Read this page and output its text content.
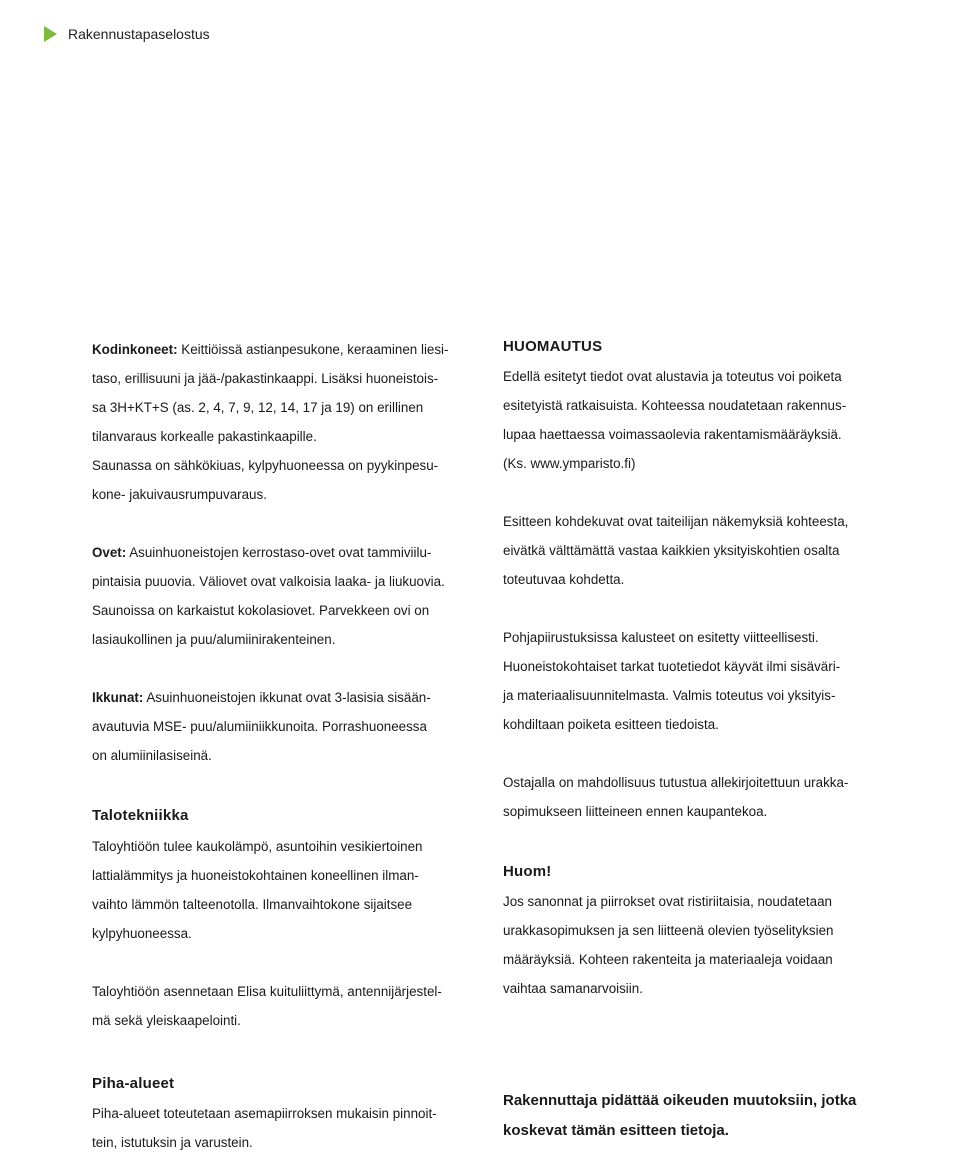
Rakennustapaselostus

Kodinkoneet: Keittiöissä astianpesukone, keraaminen liesi-
taso, erillisuuni ja jää-/pakastinkaappi. Lisäksi huoneistois-
sa 3H+KT+S (as. 2, 4, 7, 9, 12, 14, 17 ja 19) on erillinen
tilanvaraus korkealle pakastinkaapille.
Saunassa on sähkökiuas, kylpyhuoneessa on pyykinpesu-
kone- jakuivausrumpuvaraus.

Ovet: Asuinhuoneistojen kerrostaso-ovet ovat tammiviilu-
pintaisia puuovia. Väliovet ovat valkoisia laaka- ja liukuovia.
Saunoissa on karkaistut kokolasiovet. Parvekkeen ovi on
lasiaukollinen ja puu/alumiinirakenteinen.

Ikkunat: Asuinhuoneistojen ikkunat ovat 3-lasisia sisään-
avautuvia MSE- puu/alumiiniikkunoita. Porrashuoneessa
on alumiinilasiseinä.

Talotekniikka

Taloyhtiöön tulee kaukolämpö, asuntoihin vesikiertoinen
lattialämmitys ja huoneistokohtainen koneellinen ilman-
vaihto lämmön talteenotolla. Ilmanvaihtokone sijaitsee
kylpyhuoneessa.

Taloyhtiöön asennetaan Elisa kuituliittymä, antennijärjestel-
mä sekä yleiskaapelointi.

Piha-alueet

Piha-alueet toteutetaan asemapiirroksen mukaisin pinnoit-
tein, istutuksin ja varustein.

HUOMAUTUS

Edellä esitetyt tiedot ovat alustavia ja toteutus voi poiketa
esitetyistä ratkaisuista. Kohteessa noudatetaan rakennus-
lupaa haettaessa voimassaolevia rakentamismääräyksiä.
(Ks. www.ymparisto.fi)

Esitteen kohdekuvat ovat taiteilijan näkemyksiä kohteesta,
eivätkä välttämättä vastaa kaikkien yksityiskohtien osalta
toteutuvaa kohdetta.

Pohjapiirustuksissa kalusteet on esitetty viitteellisesti.
Huoneistokohtaiset tarkat tuotetiedot käyvät ilmi sisäväri-
ja materiaalisuunnitelmasta. Valmis toteutus voi yksityis-
kohdiltaan poiketa esitteen tiedoista.

Ostajalla on mahdollisuus tutustua allekirjoitettuun urakka-
sopimukseen liitteineen ennen kaupantekoa.

Huom!

Jos sanonnat ja piirrokset ovat ristiriitaisia, noudatetaan
urakkasopimuksen ja sen liitteenä olevien työselityksien
määräyksiä. Kohteen rakenteita ja materiaaleja voidaan
vaihtaa samanarvoisiin.

Rakennuttaja pidättää oikeuden muutoksiin, jotka
koskevat tämän esitteen tietoja.
